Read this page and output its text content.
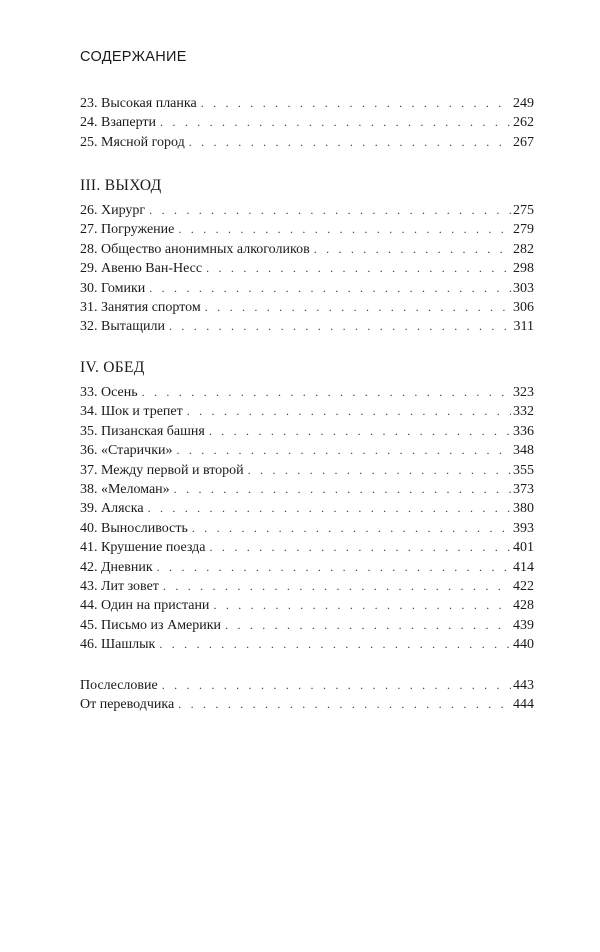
СОДЕРЖАНИЕ
23. Высокая планка . . .	249
24. Взаперти . . .	262
25. Мясной город . . .	267
III. ВЫХОД
26. Хирург . . .	275
27. Погружение . . .	279
28. Общество анонимных алкоголиков . . .	282
29. Авеню Ван-Несс . . .	298
30. Гомики . . .	303
31. Занятия спортом . . .	306
32. Вытащили . . .	311
IV. ОБЕД
33. Осень . . .	323
34. Шок и трепет . . .	332
35. Пизанская башня . . .	336
36. «Старички» . . .	348
37. Между первой и второй . . .	355
38. «Меломан» . . .	373
39. Аляска . . .	380
40. Выносливость . . .	393
41. Крушение поезда . . .	401
42. Дневник . . .	414
43. Лит зовет . . .	422
44. Один на пристани . . .	428
45. Письмо из Америки . . .	439
46. Шашлык . . .	440
Послесловие . . .	443
От переводчика . . .	444
